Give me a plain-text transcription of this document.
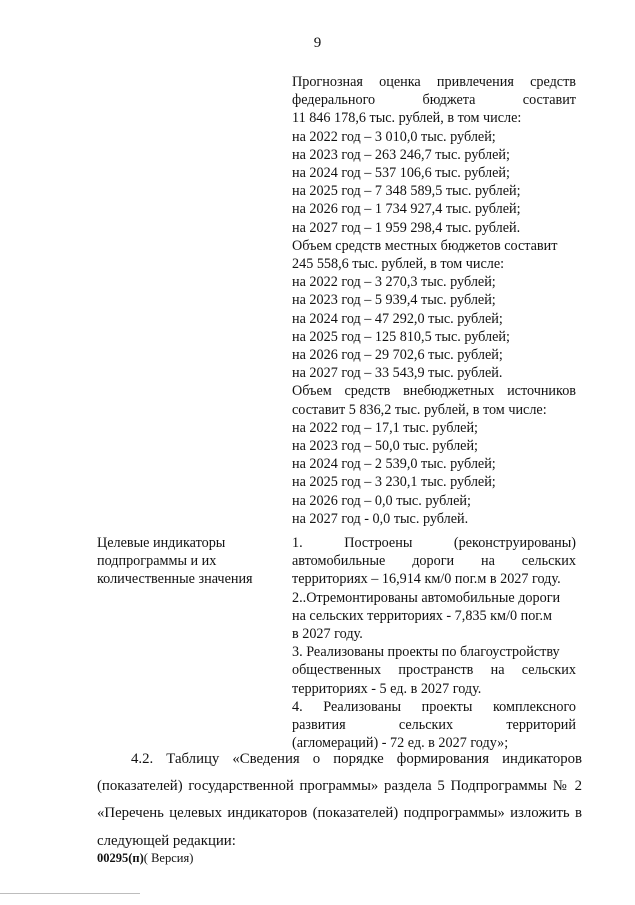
9

Прогнозная оценка привлечения средств

федерального бюджета составит

11 846 178,6 тыс. рублей, в том числе:

на 2022 год – 3 010,0 тыс. рублей;

на 2023 год – 263 246,7 тыс. рублей;

на 2024 год – 537 106,6 тыс. рублей;

на 2025 год – 7 348 589,5 тыс. рублей;

на 2026 год – 1 734 927,4 тыс. рублей;

на 2027 год – 1 959 298,4 тыс. рублей.

Объем средств местных бюджетов составит

245 558,6 тыс. рублей, в том числе:

на 2022 год – 3 270,3 тыс. рублей;

на 2023 год – 5 939,4 тыс. рублей;

на 2024 год – 47 292,0 тыс. рублей;

на 2025 год – 125 810,5 тыс. рублей;

на 2026 год – 29 702,6 тыс. рублей;

на 2027 год – 33 543,9 тыс. рублей.

Объем средств внебюджетных источников

составит 5 836,2 тыс. рублей, в том числе:

на 2022 год – 17,1 тыс. рублей;

на 2023 год – 50,0 тыс. рублей;

на 2024 год – 2 539,0 тыс. рублей;

на 2025 год – 3 230,1 тыс. рублей;

на 2026 год – 0,0 тыс. рублей;

на 2027 год - 0,0 тыс. рублей.

Целевые индикаторы
подпрограммы и их
количественные значения

1. Построены (реконструированы)

автомобильные дороги на сельских

территориях – 16,914 км/0 пог.м в 2027 году.

2..Отремонтированы автомобильные дороги

на сельских территориях - 7,835 км/0 пог.м

в 2027 году.

3. Реализованы проекты по благоустройству

общественных пространств на сельских

территориях - 5 ед. в 2027 году.

4. Реализованы проекты комплексного

развития сельских территорий

(агломераций) - 72 ед. в 2027 году»;

4.2. Таблицу «Сведения о порядке формирования индикаторов
(показателей) государственной программы» раздела 5 Подпрограммы № 2
«Перечень целевых индикаторов (показателей) подпрограммы» изложить в
следующей редакции:
00295(п)( Версия)
